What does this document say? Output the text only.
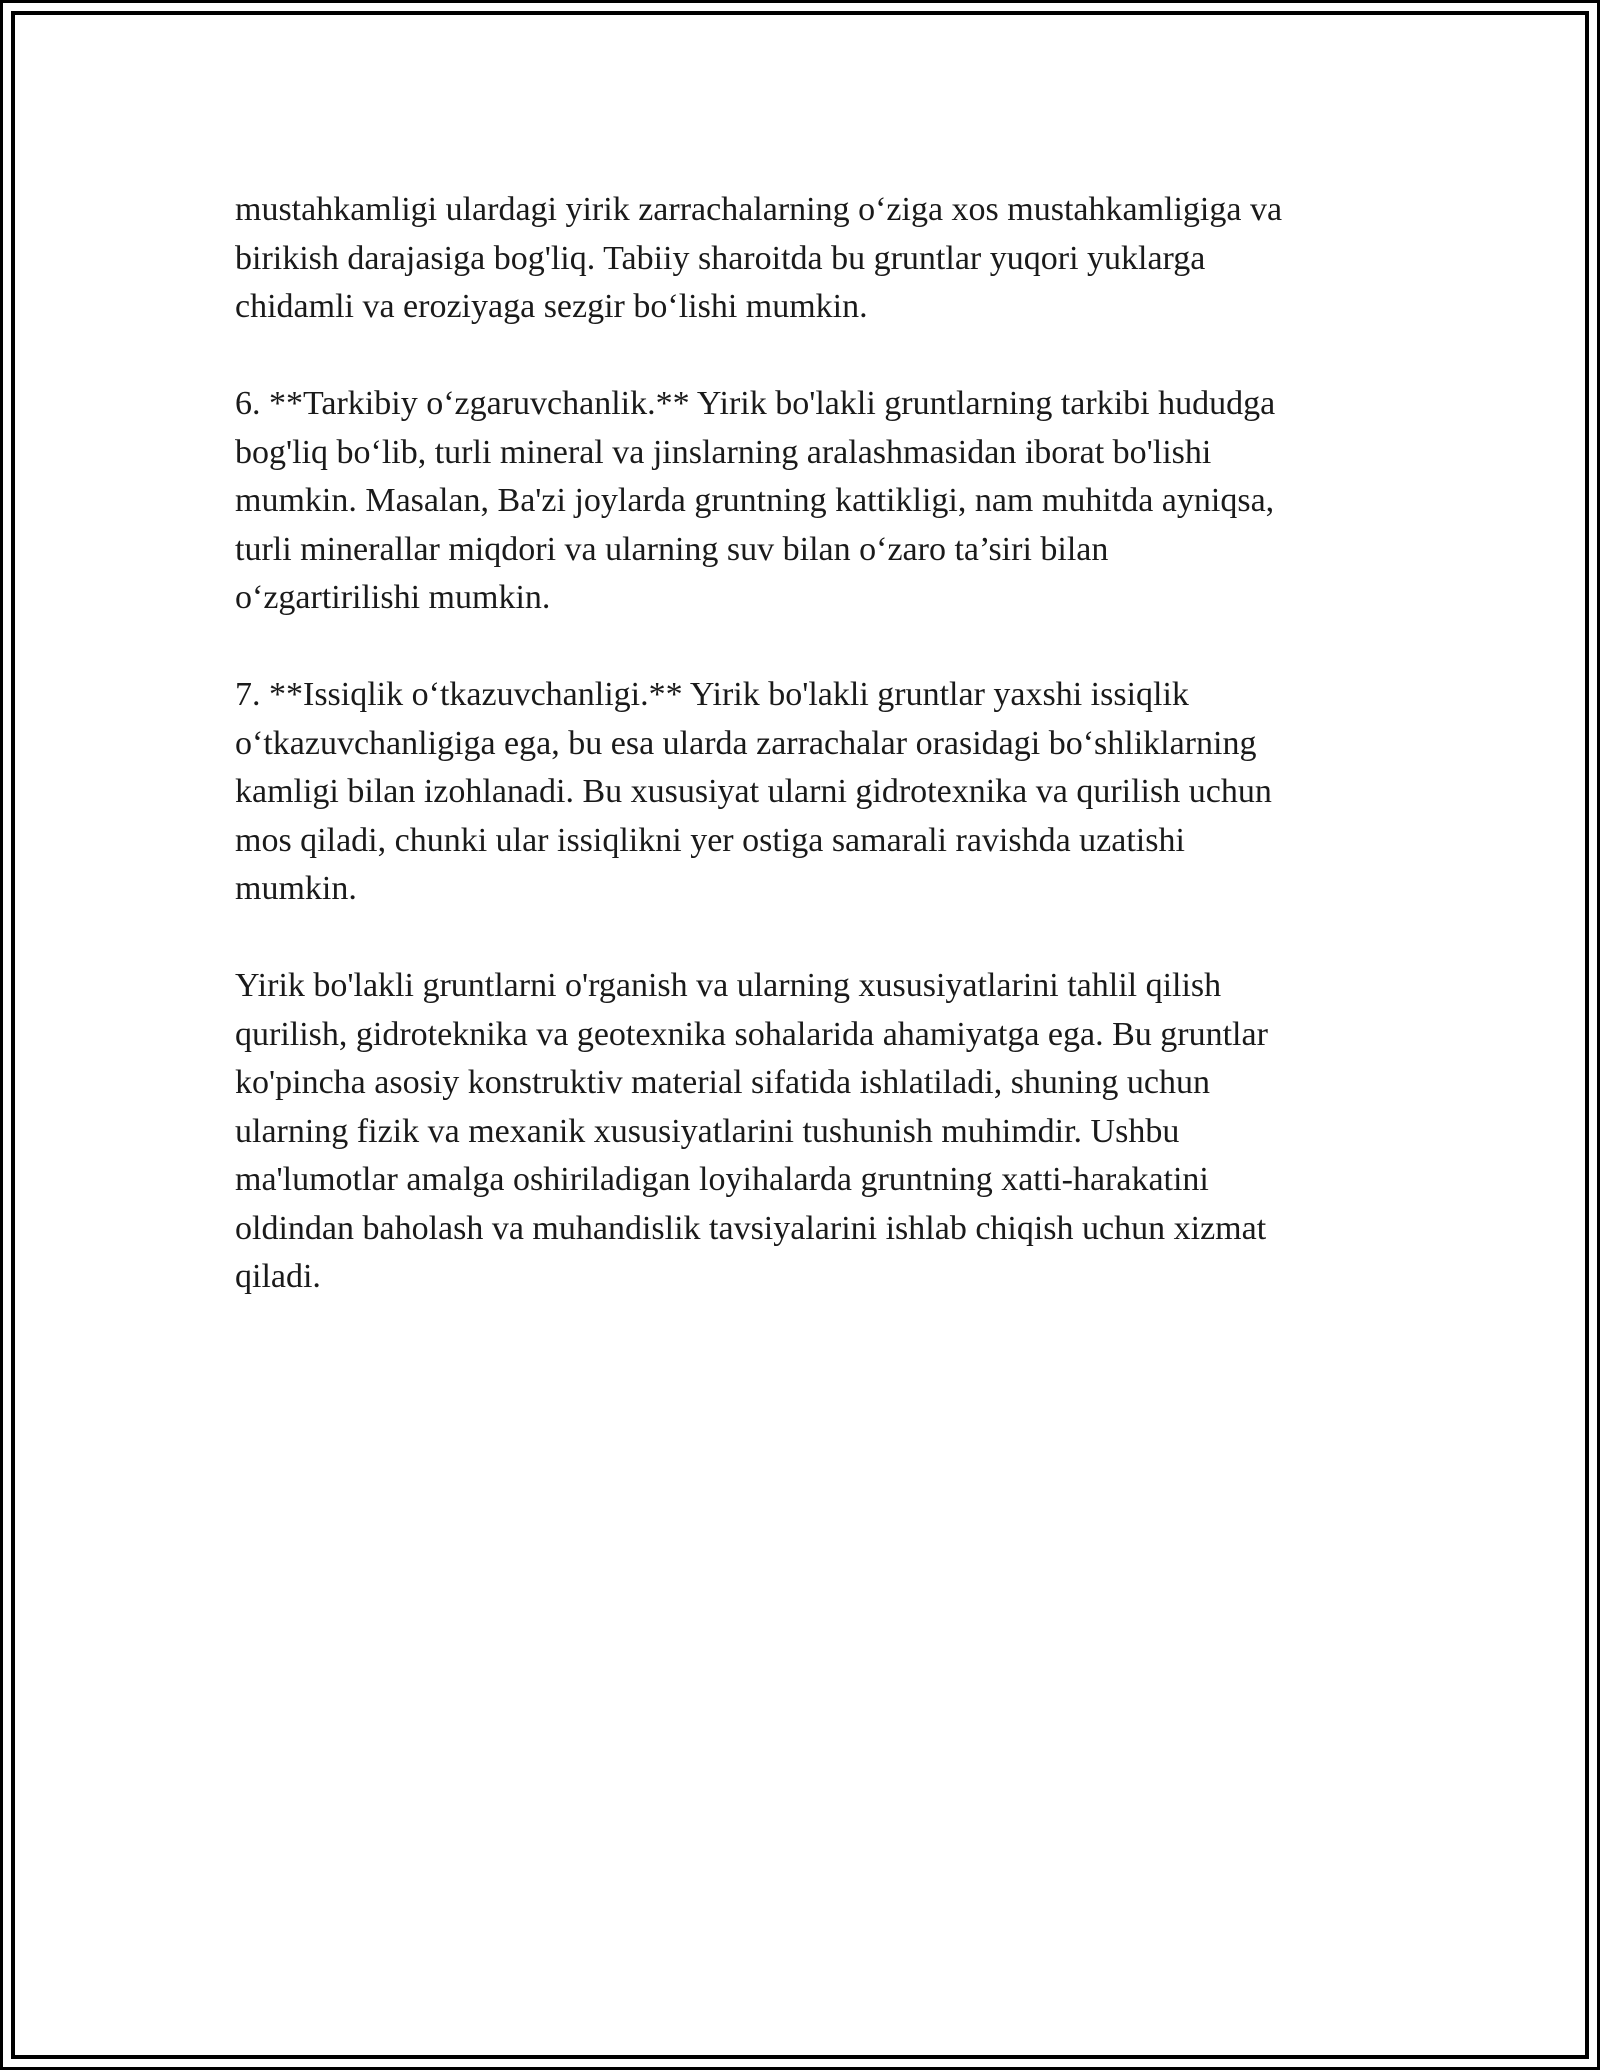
mustahkamligi ulardagi yirik zarrachalarning o‘ziga xos mustahkamligiga va
birikish darajasiga bog'liq. Tabiiy sharoitda bu gruntlar yuqori yuklarga
chidamli va eroziyaga sezgir bo‘lishi mumkin.
6. **Tarkibiy o‘zgaruvchanlik.** Yirik bo'lakli gruntlarning tarkibi hududga
bog'liq bo‘lib, turli mineral va jinslarning aralashmasidan iborat bo'lishi
mumkin. Masalan, Ba'zi joylarda gruntning kattikligi, nam muhitda ayniqsa,
turli minerallar miqdori va ularning suv bilan o‘zaro ta’siri bilan
o‘zgartirilishi mumkin.
7. **Issiqlik o‘tkazuvchanligi.** Yirik bo'lakli gruntlar yaxshi issiqlik
o‘tkazuvchanligiga ega, bu esa ularda zarrachalar orasidagi bo‘shliklarning
kamligi bilan izohlanadi. Bu xususiyat ularni gidrotexnika va qurilish uchun
mos qiladi, chunki ular issiqlikni yer ostiga samarali ravishda uzatishi
mumkin.
Yirik bo'lakli gruntlarni o'rganish va ularning xususiyatlarini tahlil qilish
qurilish, gidroteknika va geotexnika sohalarida ahamiyatga ega. Bu gruntlar
ko'pincha asosiy konstruktiv material sifatida ishlatiladi, shuning uchun
ularning fizik va mexanik xususiyatlarini tushunish muhimdir. Ushbu
ma'lumotlar amalga oshiriladigan loyihalarda gruntning xatti-harakatini
oldindan baholash va muhandislik tavsiyalarini ishlab chiqish uchun xizmat
qiladi.
